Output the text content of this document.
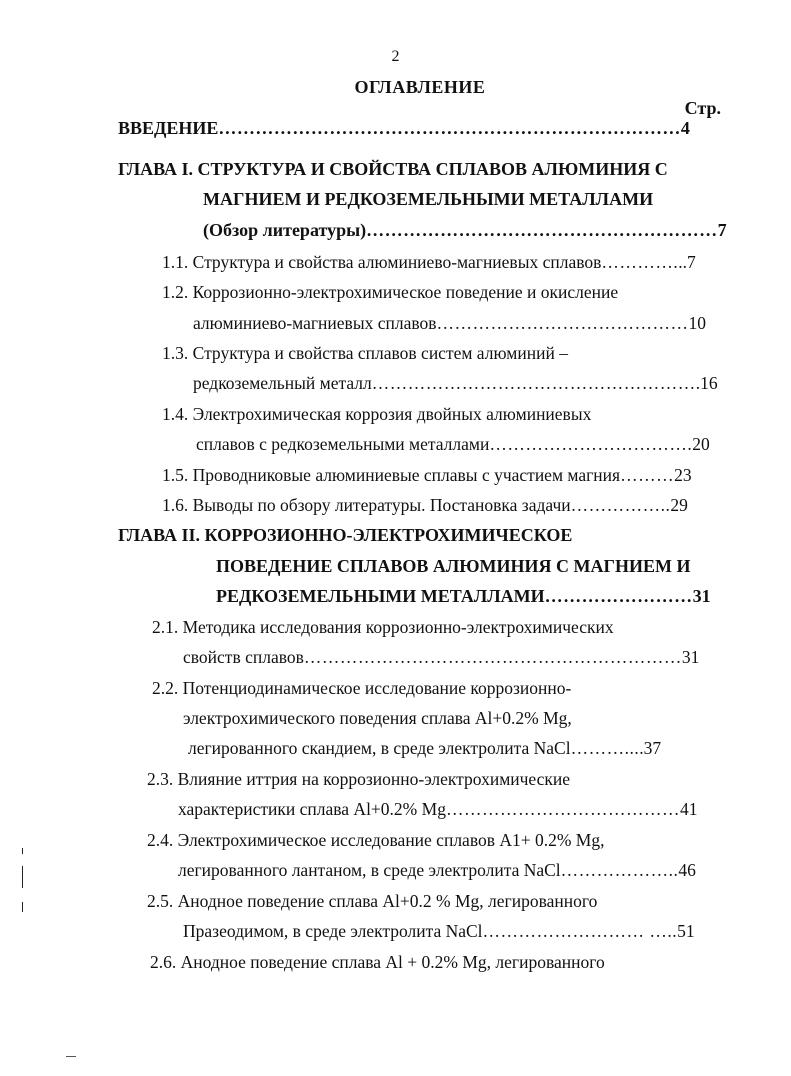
2
ОГЛАВЛЕНИЕ
Стр.
ВВЕДЕНИЕ…………………………………………………………………4
ГЛАВА I. СТРУКТУРА И СВОЙСТВА СПЛАВОВ АЛЮМИНИЯ С
МАГНИЕМ И РЕДКОЗЕМЕЛЬНЫМИ МЕТАЛЛАМИ
(Обзор литературы)…………………………………………………7
1.1. Структура и свойства алюминиево-магниевых сплавов…………...7
1.2. Коррозионно-электрохимическое поведение и окисление
алюминиево-магниевых сплавов……………………………………10
1.3. Структура и свойства сплавов систем алюминий –
редкоземельный металл……………………………………………….16
1.4. Электрохимическая коррозия двойных алюминиевых
сплавов с редкоземельными металлами…………………………….20
1.5. Проводниковые алюминиевые сплавы с участием магния………23
1.6. Выводы по обзору литературы. Постановка задачи……………..29
ГЛАВА II. КОРРОЗИОННО-ЭЛЕКТРОХИМИЧЕСКОЕ
ПОВЕДЕНИЕ СПЛАВОВ АЛЮМИНИЯ С МАГНИЕМ И
РЕДКОЗЕМЕЛЬНЫМИ МЕТАЛЛАМИ……………………31
2.1. Методика исследования коррозионно-электрохимических
свойств сплавов………………………………………………………31
2.2. Потенциодинамическое исследование коррозионно-
электрохимического поведения сплава Al+0.2% Mg,
легированного скандием, в среде электролита NaCl………....37
2.3. Влияние иттрия на коррозионно-электрохимические
характеристики сплава Al+0.2% Mg…………………………………41
2.4. Электрохимическое исследование сплавов A1+ 0.2% Mg,
легированного лантаном, в среде электролита NaCl………………..46
2.5. Анодное поведение сплава Al+0.2 % Mg, легированного
Празеодимом, в среде электролита NaCl……………………… …..51
2.6. Анодное поведение сплава Al + 0.2% Mg, легированного
